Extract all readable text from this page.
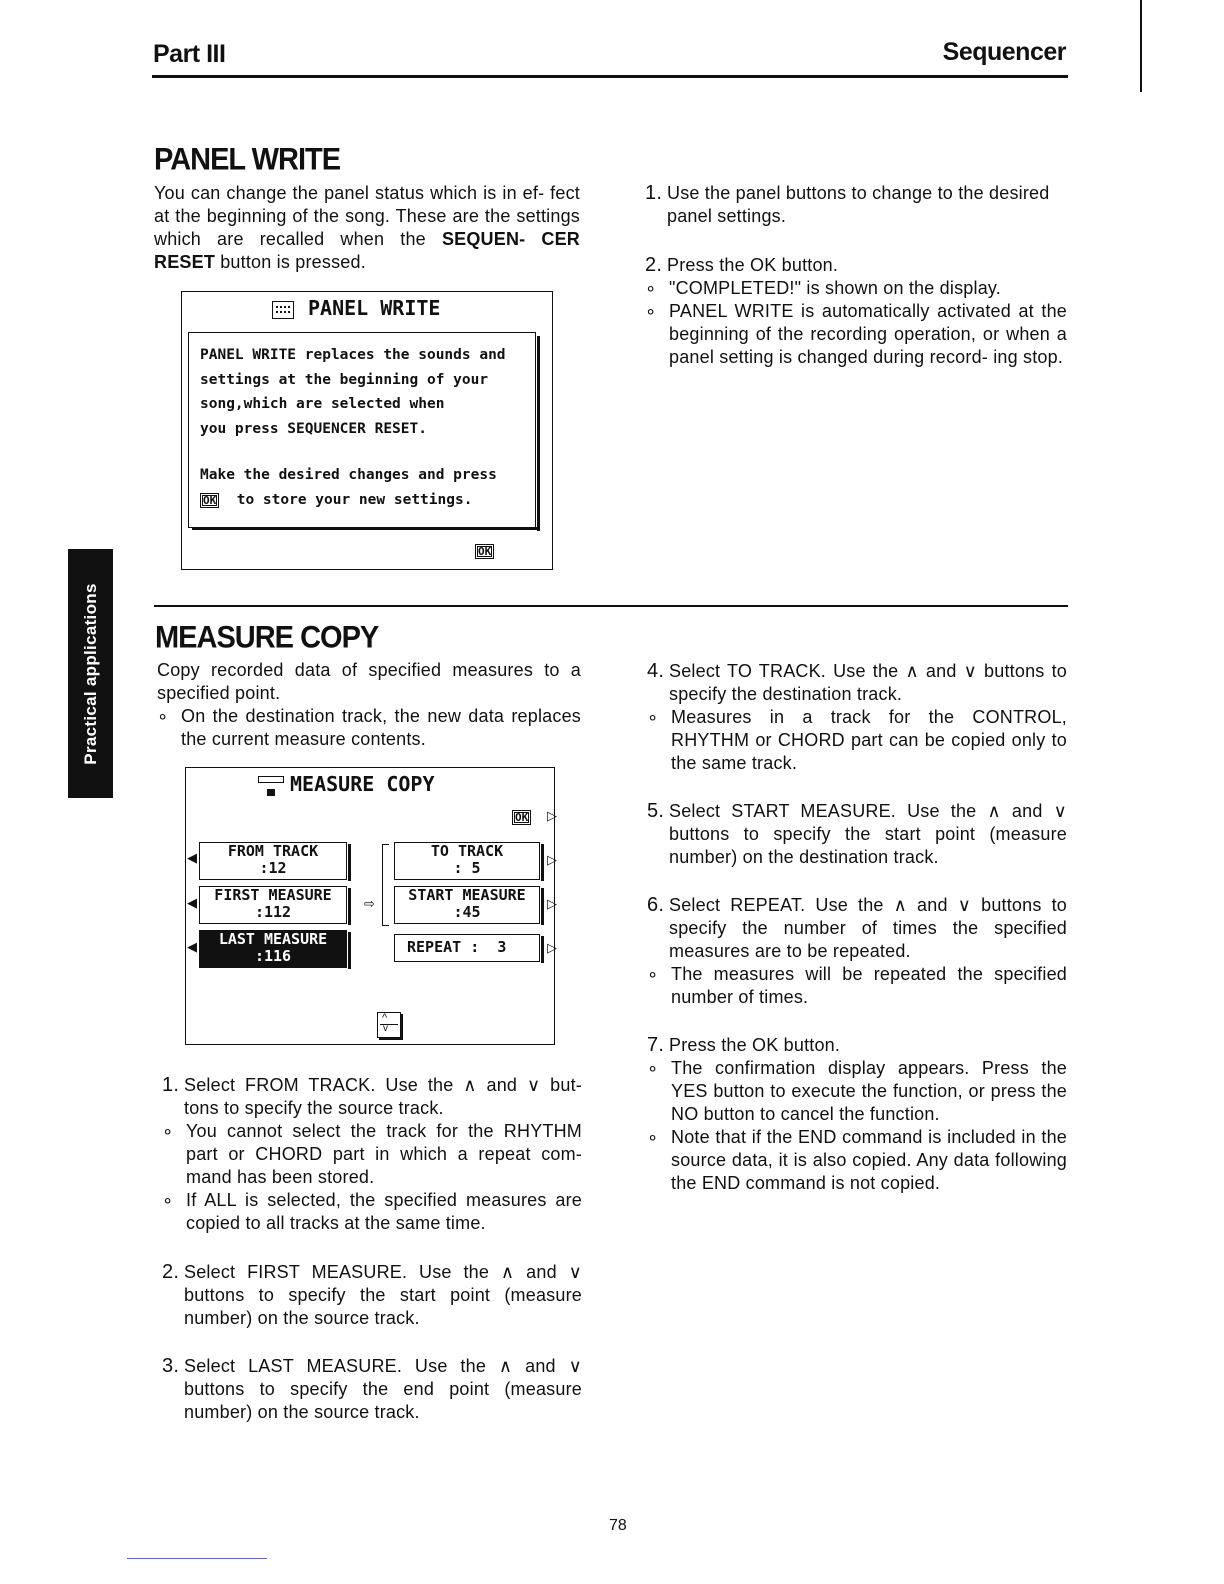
Part III	Sequencer
Practical applications
PANEL WRITE
You can change the panel status which is in ef- fect at the beginning of the song. These are the settings which are recalled when the SEQUEN- CER RESET button is pressed.
PANEL WRITE
PANEL WRITE replaces the sounds and
settings at the beginning of your
song,which are selected when
you press SEQUENCER RESET.
Make the desired changes and press
OK to store your new settings.
OK
1. Use the panel buttons to change to the desired panel settings.
2. Press the OK button.
∘ "COMPLETED!" is shown on the display.
∘ PANEL WRITE is automatically activated at the beginning of the recording operation, or when a panel setting is changed during record- ing stop.
MEASURE COPY

Copy recorded data of specified measures to a specified point.

∘ On the destination track, the new data replaces the current measure contents.
MEASURE COPY
OK ▷
◀	FROM TRACK
:12
◀	FIRST MEASURE
:112
◀	LAST MEASURE
:116
⇨
TO TRACK
: 5	▷
START MEASURE
:45	▷
REPEAT : 3	▷
^
v
1. Select FROM TRACK. Use the ∧ and ∨ but- tons to specify the source track.
∘ You cannot select the track for the RHYTHM part or CHORD part in which a repeat com- mand has been stored.
∘ If ALL is selected, the specified measures are copied to all tracks at the same time.
2. Select FIRST MEASURE. Use the ∧ and ∨ buttons to specify the start point (measure number) on the source track.
3. Select LAST MEASURE. Use the ∧ and ∨ buttons to specify the end point (measure number) on the source track.
4. Select TO TRACK. Use the ∧ and ∨ buttons to specify the destination track.
∘ Measures in a track for the CONTROL, RHYTHM or CHORD part can be copied only to the same track.
5. Select START MEASURE. Use the ∧ and ∨ buttons to specify the start point (measure number) on the destination track.
6. Select REPEAT. Use the ∧ and ∨ buttons to specify the number of times the specified measures are to be repeated.
∘ The measures will be repeated the specified number of times.
7. Press the OK button.
∘ The confirmation display appears. Press the YES button to execute the function, or press the NO button to cancel the function.
∘ Note that if the END command is included in the source data, it is also copied. Any data following the END command is not copied.
78
